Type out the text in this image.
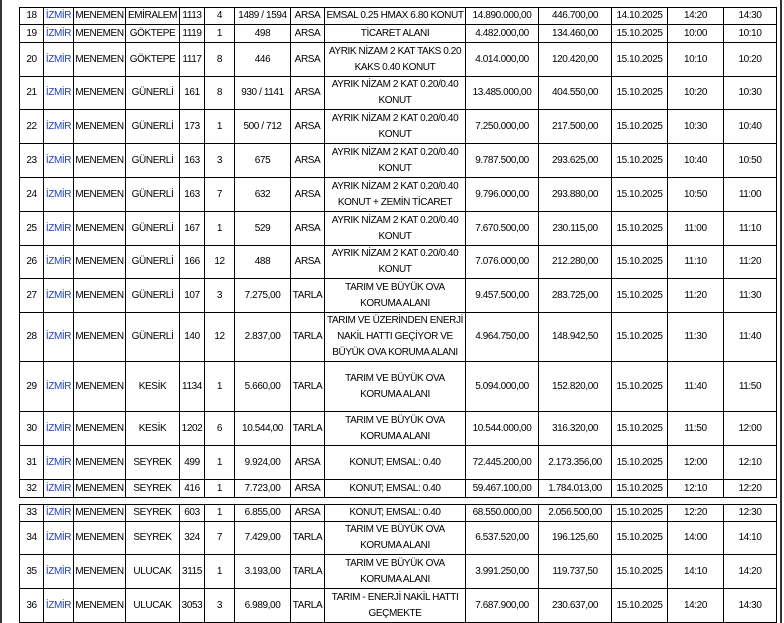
18	İZMİR	MENEMEN	EMİRALEM	1113	4	1489 / 1594	ARSA	EMSAL 0.25 HMAX 6.80 KONUT	14.890.000,00	446.700,00	14.10.2025	14:20	14:30
19	İZMİR	MENEMEN	GÖKTEPE	1119	1	498	ARSA	TİCARET ALANI	4.482.000,00	134.460,00	15.10.2025	10:00	10:10
20	İZMİR	MENEMEN	GÖKTEPE	1117	8	446	ARSA	AYRIK NİZAM 2 KAT TAKS 0.20 KAKS 0.40 KONUT	4.014.000,00	120.420,00	15.10.2025	10:10	10:20
21	İZMİR	MENEMEN	GÜNERLİ	161	8	930 / 1141	ARSA	AYRIK NİZAM 2 KAT 0.20/0.40 KONUT	13.485.000,00	404.550,00	15.10.2025	10:20	10:30
22	İZMİR	MENEMEN	GÜNERLİ	173	1	500 / 712	ARSA	AYRIK NİZAM 2 KAT 0.20/0.40 KONUT	7.250.000,00	217.500,00	15.10.2025	10:30	10:40
23	İZMİR	MENEMEN	GÜNERLİ	163	3	675	ARSA	AYRIK NİZAM 2 KAT 0.20/0.40 KONUT	9.787.500,00	293.625,00	15.10.2025	10:40	10:50
24	İZMİR	MENEMEN	GÜNERLİ	163	7	632	ARSA	AYRIK NİZAM 2 KAT 0.20/0.40 KONUT + ZEMİN TİCARET	9.796.000,00	293.880,00	15.10.2025	10:50	11:00
25	İZMİR	MENEMEN	GÜNERLİ	167	1	529	ARSA	AYRIK NİZAM 2 KAT 0.20/0.40 KONUT	7.670.500,00	230.115,00	15.10.2025	11:00	11:10
26	İZMİR	MENEMEN	GÜNERLİ	166	12	488	ARSA	AYRIK NİZAM 2 KAT 0.20/0.40 KONUT	7.076.000,00	212.280,00	15.10.2025	11:10	11:20
27	İZMİR	MENEMEN	GÜNERLİ	107	3	7.275,00	TARLA	TARIM VE BÜYÜK OVA KORUMA ALANI	9.457.500,00	283.725,00	15.10.2025	11:20	11:30
28	İZMİR	MENEMEN	GÜNERLİ	140	12	2.837,00	TARLA	TARIM VE ÜZERİNDEN ENERJİ NAKİL HATTI GEÇİYOR VE BÜYÜK OVA KORUMA ALANI	4.964.750,00	148.942,50	15.10.2025	11:30	11:40
29	İZMİR	MENEMEN	KESİK	1134	1	5.660,00	TARLA	TARIM VE BÜYÜK OVA KORUMA ALANI	5.094.000,00	152.820,00	15.10.2025	11:40	11:50
30	İZMİR	MENEMEN	KESİK	1202	6	10.544,00	TARLA	TARIM VE BÜYÜK OVA KORUMA ALANI	10.544.000,00	316.320,00	15.10.2025	11:50	12:00
31	İZMİR	MENEMEN	SEYREK	499	1	9.924,00	ARSA	KONUT; EMSAL: 0.40	72.445.200,00	2.173.356,00	15.10.2025	12:00	12:10
32	İZMİR	MENEMEN	SEYREK	416	1	7.723,00	ARSA	KONUT; EMSAL: 0.40	59.467.100,00	1.784.013,00	15.10.2025	12:10	12:20
33	İZMİR	MENEMEN	SEYREK	603	1	6.855,00	ARSA	KONUT; EMSAL: 0.40	68.550.000,00	2.056.500,00	15.10.2025	12:20	12:30
34	İZMİR	MENEMEN	SEYREK	324	7	7.429,00	TARLA	TARIM VE BÜYÜK OVA KORUMA ALANI	6.537.520,00	196.125,60	15.10.2025	14:00	14:10
35	İZMİR	MENEMEN	ULUCAK	3115	1	3.193,00	TARLA	TARIM VE BÜYÜK OVA KORUMA ALANI	3.991.250,00	119.737,50	15.10.2025	14:10	14:20
36	İZMİR	MENEMEN	ULUCAK	3053	3	6.989,00	TARLA	TARIM - ENERJİ NAKİL HATTI GEÇMEKTE	7.687.900,00	230.637,00	15.10.2025	14:20	14:30
